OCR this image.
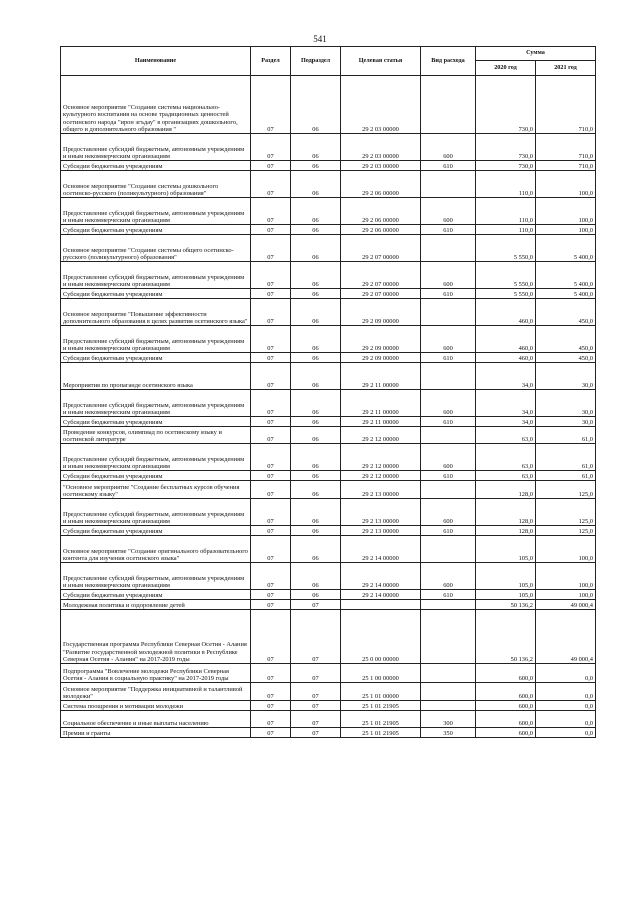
541
Наименование	Раздел	Подраздел	Целевая статья	Вид расхода	Сумма	
					2020 год	2021 год
Основное мероприятие "Создание системы национально-культурного воспитания на основе традиционных ценностей осетинского народа "ирон эгъдау" в организациях дошкольного, общего и дополнительного образования "	07	06	29 2 03 00000		730,0	710,0
Предоставление субсидий бюджетным, автономным учреждениям и иным некоммерческим организациям	07	06	29 2 03 00000	600	730,0	710,0
Субсидии бюджетным учреждениям	07	06	29 2 03 00000	610	730,0	710,0
Основное мероприятие "Создание системы дошкольного осетинско-русского (поликультурного) образования"	07	06	29 2 06 00000		110,0	100,0
Предоставление субсидий бюджетным, автономным учреждениям и иным некоммерческим организациям	07	06	29 2 06 00000	600	110,0	100,0
Субсидии бюджетным учреждениям	07	06	29 2 06 00000	610	110,0	100,0
Основное мероприятие "Создание системы общего осетинско-русского (поликультурного) образования"	07	06	29 2 07 00000		5 550,0	5 400,0
Предоставление субсидий бюджетным, автономным учреждениям и иным некоммерческим организациям	07	06	29 2 07 00000	600	5 550,0	5 400,0
Субсидии бюджетным учреждениям	07	06	29 2 07 00000	610	5 550,0	5 400,0
Основное мероприятие "Повышение эффективности дополнительного образования в целях развития осетинского языка"	07	06	29 2 09 00000		460,0	450,0
Предоставление субсидий бюджетным, автономным учреждениям и иным некоммерческим организациям	07	06	29 2 09 00000	600	460,0	450,0
Субсидии бюджетным учреждениям	07	06	29 2 09 00000	610	460,0	450,0
Мероприятия по пропаганде осетинского языка	07	06	29 2 11 00000		34,0	30,0
Предоставление субсидий бюджетным, автономным учреждениям и иным некоммерческим организациям	07	06	29 2 11 00000	600	34,0	30,0
Субсидии бюджетным учреждениям	07	06	29 2 11 00000	610	34,0	30,0
Проведение конкурсов, олимпиад по осетинскому языку и осетинской литературе	07	06	29 2 12 00000		63,0	61,0
Предоставление субсидий бюджетным, автономным учреждениям и иным некоммерческим организациям	07	06	29 2 12 00000	600	63,0	61,0
Субсидии бюджетным учреждениям	07	06	29 2 12 00000	610	63,0	61,0
"Основное мероприятие "Создание бесплатных курсов обучения осетинскому языку"	07	06	29 2 13 00000		128,0	125,0
Предоставление субсидий бюджетным, автономным учреждениям и иным некоммерческим организациям	07	06	29 2 13 00000	600	128,0	125,0
Субсидии бюджетным учреждениям	07	06	29 2 13 00000	610	128,0	125,0
Основное мероприятие "Создание оригинального образовательного контента для изучения осетинского языка"	07	06	29 2 14 00000		105,0	100,0
Предоставление субсидий бюджетным, автономным учреждениям и иным некоммерческим организациям	07	06	29 2 14 00000	600	105,0	100,0
Субсидии бюджетным учреждениям	07	06	29 2 14 00000	610	105,0	100,0
Молодежная политика и оздоровление детей	07	07			50 136,2	49 000,4
Государственная программа Республики Северная Осетия - Алания "Развитие государственной молодежной политики в Республике Северная Осетия - Алания" на 2017-2019 годы	07	07	25 0 00 00000		50 136,2	49 000,4
Подпрограмма "Вовлечение молодежи Республики Северная Осетия - Алания в социальную практику" на 2017-2019 годы	07	07	25 1 00 00000		600,0	0,0
Основное мероприятие "Поддержка инициативной и талантливой молодежи"	07	07	25 1 01 00000		600,0	0,0
Система поощрения и мотивации молодежи	07	07	25 1 01 21905		600,0	0,0
Социальное обеспечение и иные выплаты населению	07	07	25 1 01 21905	300	600,0	0,0
Премии и гранты	07	07	25 1 01 21905	350	600,0	0,0
